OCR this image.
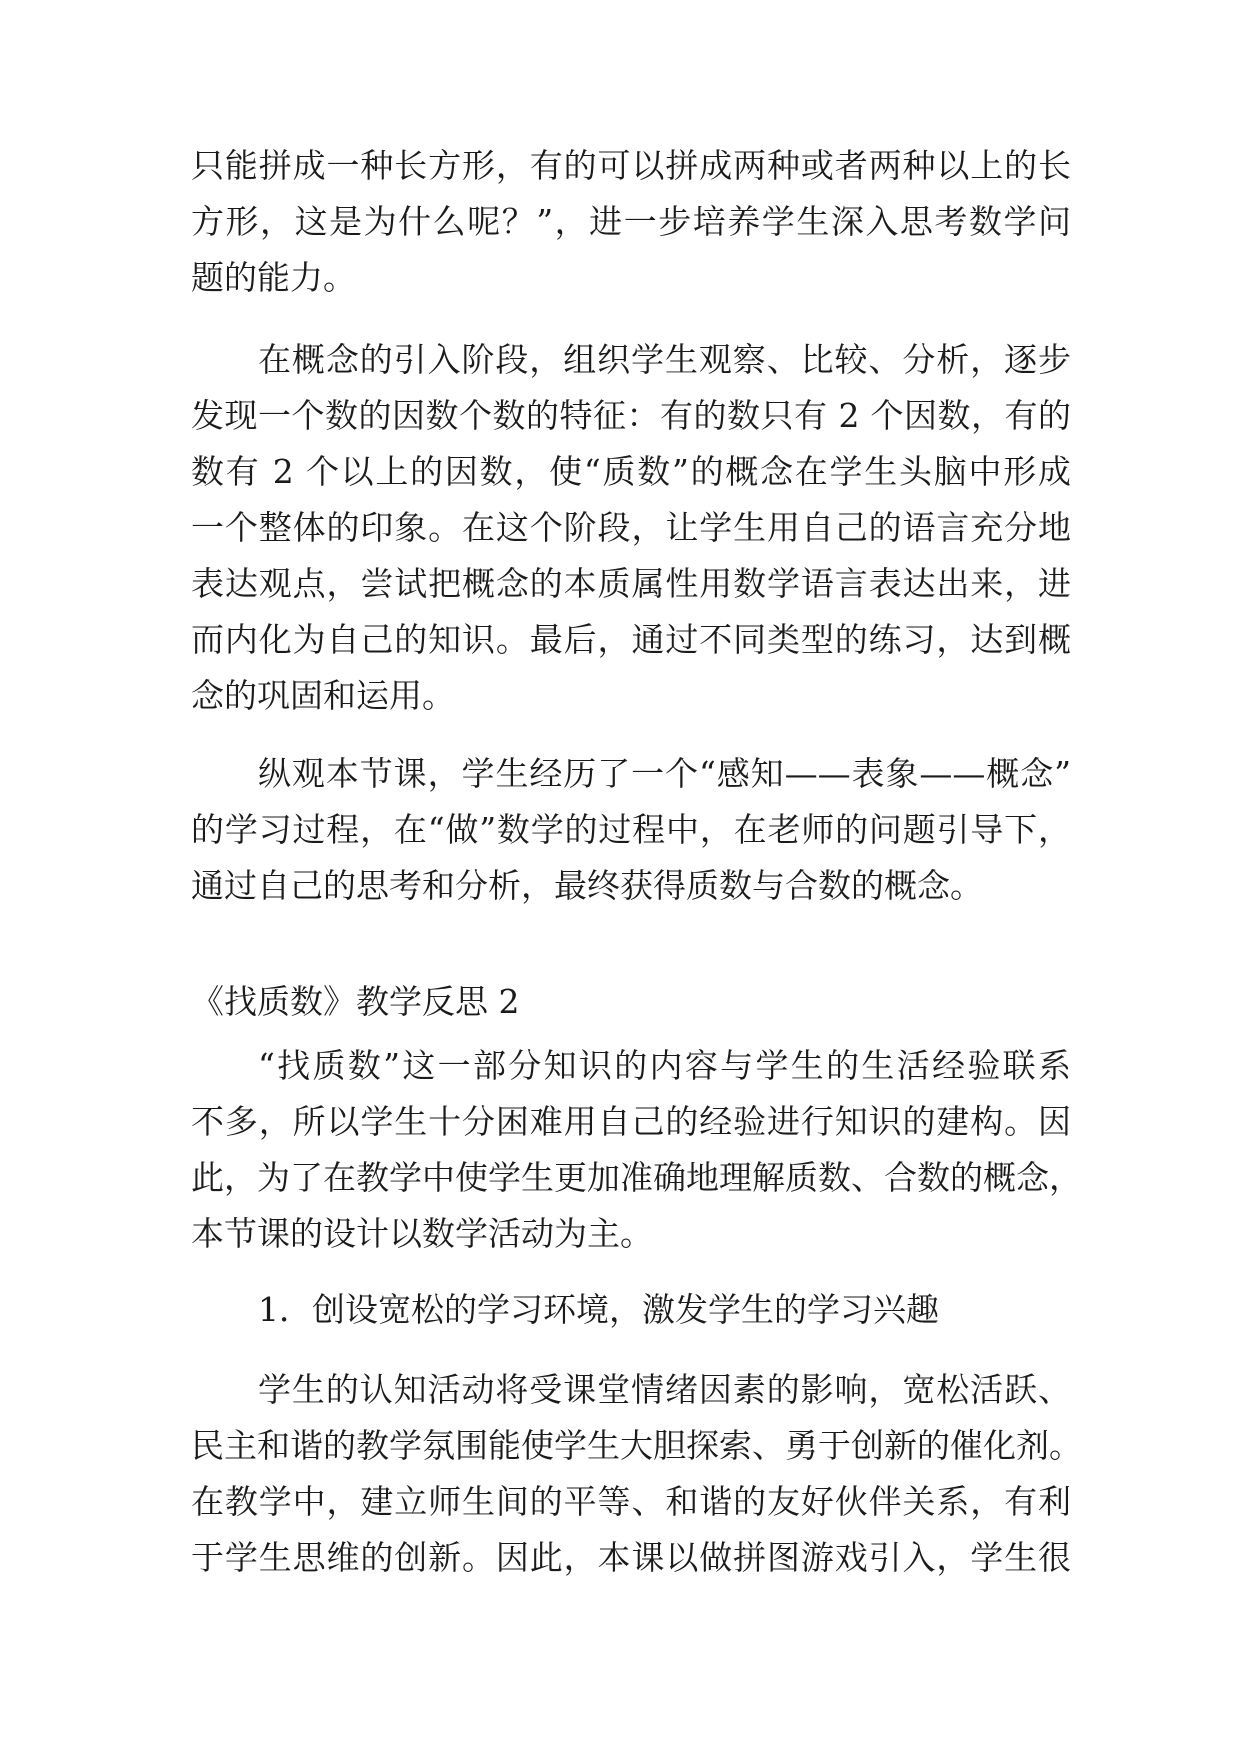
只能拼成一种长方形，有的可以拼成两种或者两种以上的长
方形，这是为什么呢？”，进一步培养学生深入思考数学问
题的能力。
在概念的引入阶段，组织学生观察、比较、分析，逐步
发现一个数的因数个数的特征：有的数只有 2 个因数，有的
数有 2 个以上的因数，使“质数”的概念在学生头脑中形成
一个整体的印象。在这个阶段，让学生用自己的语言充分地
表达观点，尝试把概念的本质属性用数学语言表达出来，进
而内化为自己的知识。最后，通过不同类型的练习，达到概
念的巩固和运用。
纵观本节课，学生经历了一个“感知——表象——概念”
的学习过程，在“做”数学的过程中，在老师的问题引导下，
通过自己的思考和分析，最终获得质数与合数的概念。
《找质数》教学反思 2
“找质数”这一部分知识的内容与学生的生活经验联系
不多，所以学生十分困难用自己的经验进行知识的建构。因
此，为了在教学中使学生更加准确地理解质数、合数的概念，
本节课的设计以数学活动为主。
1．创设宽松的学习环境，激发学生的学习兴趣
学生的认知活动将受课堂情绪因素的影响，宽松活跃、
民主和谐的教学氛围能使学生大胆探索、勇于创新的催化剂。
在教学中，建立师生间的平等、和谐的友好伙伴关系，有利
于学生思维的创新。因此，本课以做拼图游戏引入，学生很
